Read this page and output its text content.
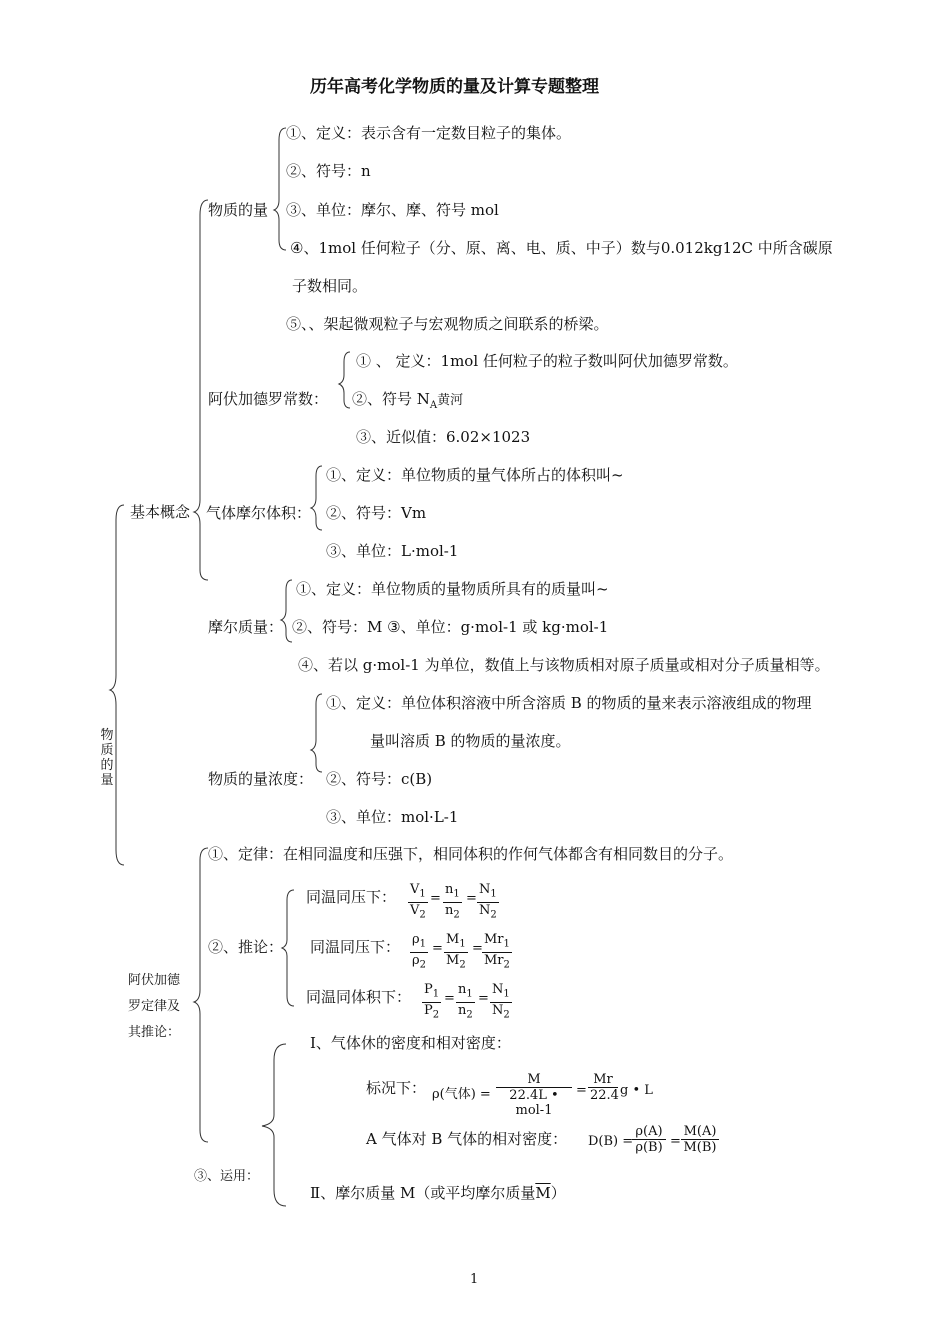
历年高考化学物质的量及计算专题整理
物质的量
基本概念
物质的量
①、定义：表示含有一定数目粒子的集体。
②、符号：n
③、单位：摩尔、摩、符号 mol
④、1mol 任何粒子（分、原、离、电、质、中子）数与0.012kg12C 中所含碳原
子数相同。
⑤、、架起微观粒子与宏观物质之间联系的桥梁。
阿伏加德罗常数：
① 、 定义：1mol 任何粒子的粒子数叫阿伏加德罗常数。
②、符号 $N_A$黄河
③、近似值：6.02×1023
气体摩尔体积：
①、定义：单位物质的量气体所占的体积叫~
②、符号：Vm
③、单位：L·mol-1
摩尔质量：
①、定义：单位物质的量物质所具有的质量叫~
②、符号：M ③、单位：g·mol-1 或 kg·mol-1
④、若以 g·mol-1 为单位，数值上与该物质相对原子质量或相对分子质量相等。
物质的量浓度：
①、定义：单位体积溶液中所含溶质 B 的物质的量来表示溶液组成的物理
量叫溶质 B 的物质的量浓度。
②、符号：c(B)
③、单位：mol·L-1
阿伏加德
罗定律及
其推论：
①、定律：在相同温度和压强下，相同体积的作何气体都含有相同数目的分子。
②、推论：
同温同压下： $\frac{V_1}{V_2} = \frac{n_1}{n_2} = \frac{N_1}{N_2}$
同温同压下： $\frac{\rho_1}{\rho_2} = \frac{M_1}{M_2} = \frac{Mr_1}{Mr_2}$
同温同体积下： $\frac{P_1}{P_2} = \frac{n_1}{n_2} = \frac{N_1}{N_2}$
③、运用：
Ⅰ、气体休的密度和相对密度：
标况下： ρ(气体) =
M
22.4L • mol-1
= $\frac{Mr}{22.4}$ g • L
A 气体对 B 气体的相对密度： D(B) =
$\frac{\rho(A)}{\rho(B)} = \frac{M(A)}{M(B)}$
Ⅱ、摩尔质量 M（或平均摩尔质量$\overline{M}$）
1
